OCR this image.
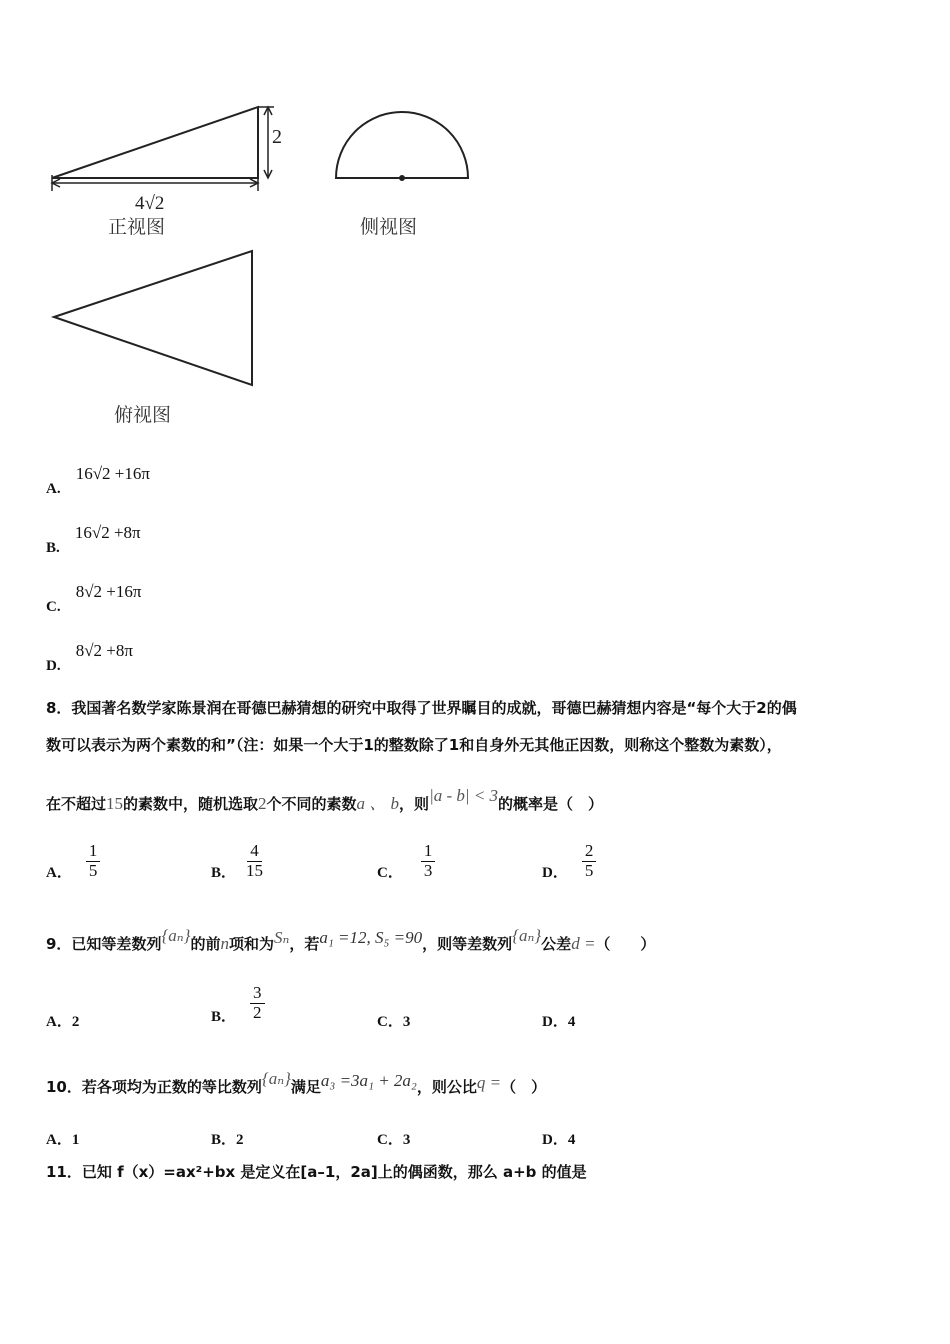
2
4√2
正视图	侧视图
俯视图
A. 16√2 +16π
B. 16√2 +8π
C. 8√2 +16π
D. 8√2 +8π
8．我国著名数学家陈景润在哥德巴赫猜想的研究中取得了世界瞩目的成就，哥德巴赫猜想内容是“每个大于2的偶
数可以表示为两个素数的和”（注：如果一个大于1的整数除了1和自身外无其他正因数，则称这个整数为素数），
在不超过15的素数中，随机选取2个不同的素数a 、 b，则|a - b| < 3的概率是（　）
A． $\frac{1}{5}$	B． $\frac{4}{15}$	C． $\frac{1}{3}$	D． $\frac{2}{5}$
9．已知等差数列{aₙ}的前n项和为Sₙ，若a₁ =12, S₅ =90，则等差数列{aₙ}公差d =（　　）
A．2	B． $\frac{3}{2}$	C．3	D．4
10．若各项均为正数的等比数列{aₙ}满足a₃ =3a₁ + 2a₂，则公比q =（　）
A．1	B．2	C．3	D．4
11．已知 f（x）=ax²+bx 是定义在[a–1，2a]上的偶函数，那么 a+b 的值是
